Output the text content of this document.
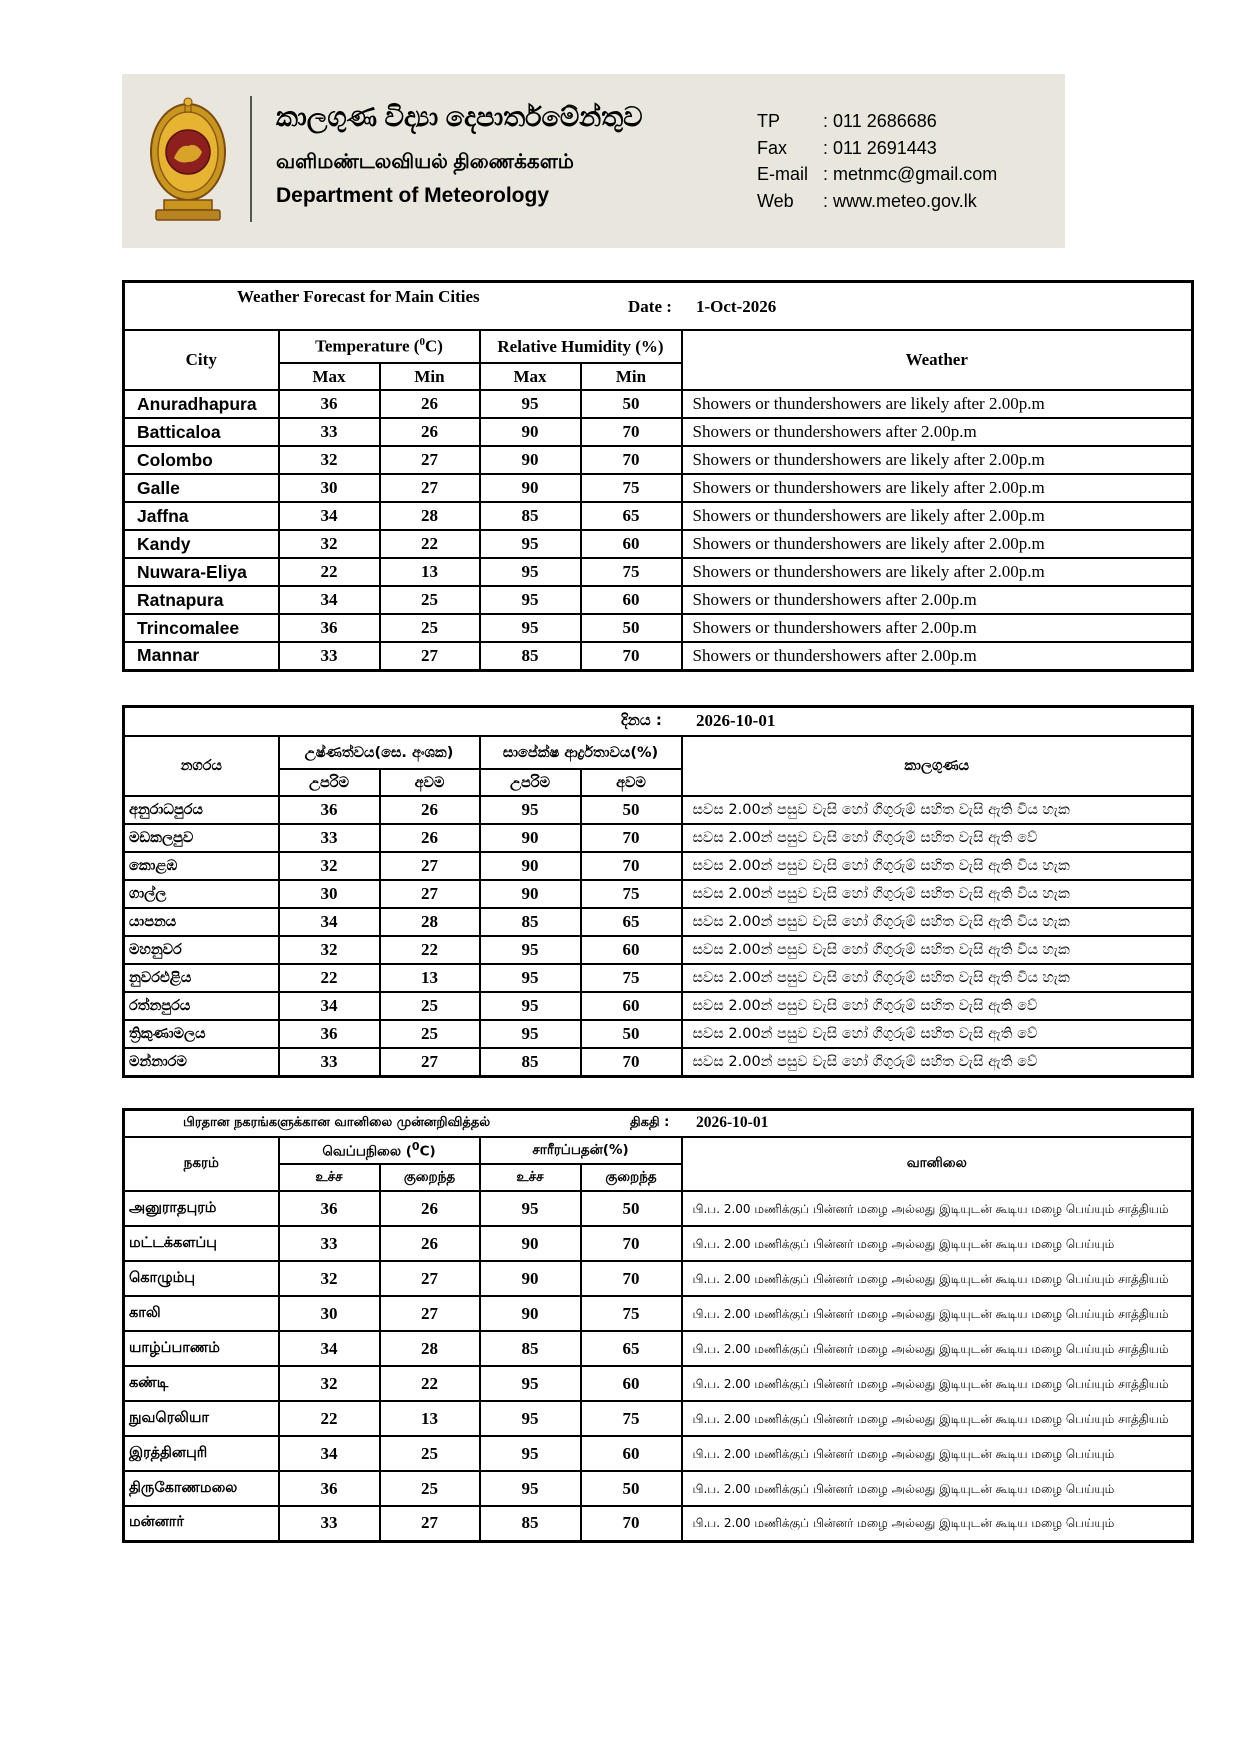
කාලගුණ විද්‍යා දෙපාර්තමේන්තුව
வளிமண்டலவியல் திணைக்களம்
Department of Meteorology
TP : 011 2686686
Fax : 011 2691443
E-mail : metnmc@gmail.com
Web : www.meteo.gov.lk
Weather Forecast for Main Cities
Date : 1-Oct-2026					

City	Temperature ($^0$C)		Relative Humidity (%)		Weather
	Max	Min	Max	Min	
Anuradhapura	36	26	95	50	Showers or thundershowers are likely after 2.00p.m
Batticaloa	33	26	90	70	Showers or thundershowers after 2.00p.m
Colombo	32	27	90	70	Showers or thundershowers are likely after 2.00p.m
Galle	30	27	90	75	Showers or thundershowers are likely after 2.00p.m
Jaffna	34	28	85	65	Showers or thundershowers are likely after 2.00p.m
Kandy	32	22	95	60	Showers or thundershowers are likely after 2.00p.m
Nuwara-Eliya	22	13	95	75	Showers or thundershowers are likely after 2.00p.m
Ratnapura	34	25	95	60	Showers or thundershowers after 2.00p.m
Trincomalee	36	25	95	50	Showers or thundershowers after 2.00p.m
Mannar	33	27	85	70	Showers or thundershowers after 2.00p.m
දිනය : 2026-10-01					

නගරය	උෂ්ණත්වය(සෙ. අංශක)		සාපේක්ෂ ආර්ද්‍රතාවය(%)		කාලගුණය
	උපරිම	අවම	උපරිම	අවම	
අනුරාධපුරය	36	26	95	50	සවස 2.00න් පසුව වැසි හෝ ගිගුරුම් සහිත වැසි ඇති විය හැක
මඩකලපුව	33	26	90	70	සවස 2.00න් පසුව වැසි හෝ ගිගුරුම් සහිත වැසි ඇති වේ
කොළඹ	32	27	90	70	සවස 2.00න් පසුව වැසි හෝ ගිගුරුම් සහිත වැසි ඇති විය හැක
ගාල්ල	30	27	90	75	සවස 2.00න් පසුව වැසි හෝ ගිගුරුම් සහිත වැසි ඇති විය හැක
යාපනය	34	28	85	65	සවස 2.00න් පසුව වැසි හෝ ගිගුරුම් සහිත වැසි ඇති විය හැක
මහනුවර	32	22	95	60	සවස 2.00න් පසුව වැසි හෝ ගිගුරුම් සහිත වැසි ඇති විය හැක
නුවරඑළිය	22	13	95	75	සවස 2.00න් පසුව වැසි හෝ ගිගුරුම් සහිත වැසි ඇති විය හැක
රත්නපුරය	34	25	95	60	සවස 2.00න් පසුව වැසි හෝ ගිගුරුම් සහිත වැසි ඇති වේ
ත්‍රිකුණාමලය	36	25	95	50	සවස 2.00න් පසුව වැසි හෝ ගිගුරුම් සහිත වැසි ඇති වේ
මන්නාරම	33	27	85	70	සවස 2.00න් පසුව වැසි හෝ ගිගුරුම් සහිත වැසි ඇති වේ
பிரதான நகரங்களுக்கான வானிலை முன்னறிவித்தல் திகதி : 2026-10-01					

நகரம்	வெப்பநிலை ($^0$C)		சாரீரப்பதன்(%)		வானிலை
	உச்ச	குறைந்த	உச்ச	குறைந்த	
அனுராதபுரம்	36	26	95	50	பி.ப. 2.00 மணிக்குப் பின்னர் மழை அல்லது இடியுடன் கூடிய மழை பெய்யும் சாத்தியம்
மட்டக்களப்பு	33	26	90	70	பி.ப. 2.00 மணிக்குப் பின்னர் மழை அல்லது இடியுடன் கூடிய மழை பெய்யும்
கொழும்பு	32	27	90	70	பி.ப. 2.00 மணிக்குப் பின்னர் மழை அல்லது இடியுடன் கூடிய மழை பெய்யும் சாத்தியம்
காலி	30	27	90	75	பி.ப. 2.00 மணிக்குப் பின்னர் மழை அல்லது இடியுடன் கூடிய மழை பெய்யும் சாத்தியம்
யாழ்ப்பாணம்	34	28	85	65	பி.ப. 2.00 மணிக்குப் பின்னர் மழை அல்லது இடியுடன் கூடிய மழை பெய்யும் சாத்தியம்
கண்டி	32	22	95	60	பி.ப. 2.00 மணிக்குப் பின்னர் மழை அல்லது இடியுடன் கூடிய மழை பெய்யும் சாத்தியம்
நுவரெலியா	22	13	95	75	பி.ப. 2.00 மணிக்குப் பின்னர் மழை அல்லது இடியுடன் கூடிய மழை பெய்யும் சாத்தியம்
இரத்தினபுரி	34	25	95	60	பி.ப. 2.00 மணிக்குப் பின்னர் மழை அல்லது இடியுடன் கூடிய மழை பெய்யும்
திருகோணமலை	36	25	95	50	பி.ப. 2.00 மணிக்குப் பின்னர் மழை அல்லது இடியுடன் கூடிய மழை பெய்யும்
மன்னார்	33	27	85	70	பி.ப. 2.00 மணிக்குப் பின்னர் மழை அல்லது இடியுடன் கூடிய மழை பெய்யும்
